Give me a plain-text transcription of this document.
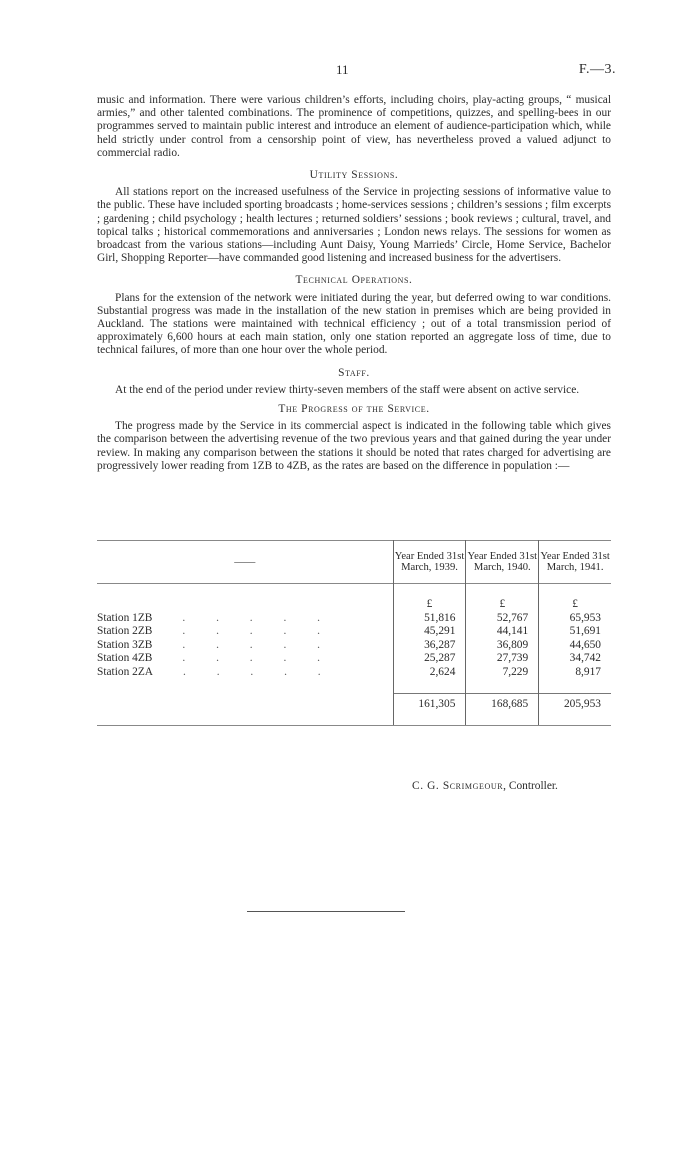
11	F.—3.

music and information. There were various children’s efforts, including choirs, play-acting groups, “ musical armies,” and other talented combinations. The prominence of competitions, quizzes, and spelling-bees in our programmes served to maintain public interest and introduce an element of audience-participation which, while held strictly under control from a censorship point of view, has nevertheless proved a valued adjunct to commercial radio.

Utility Sessions.

All stations report on the increased usefulness of the Service in projecting sessions of informative value to the public. These have included sporting broadcasts ; home-services sessions ; children’s sessions ; film excerpts ; gardening ; child psychology ; health lectures ; returned soldiers’ sessions ; book reviews ; cultural, travel, and topical talks ; historical commemorations and anniversaries ; London news relays. The sessions for women as broadcast from the various stations—including Aunt Daisy, Young Marrieds’ Circle, Home Service, Bachelor Girl, Shopping Reporter—have commanded good listening and increased business for the advertisers.

Technical Operations.

Plans for the extension of the network were initiated during the year, but deferred owing to war conditions. Substantial progress was made in the installation of the new station in premises which are being provided in Auckland. The stations were maintained with technical efficiency ; out of a total transmission period of approximately 6,600 hours at each main station, only one station reported an aggregate loss of time, due to technical failures, of more than one hour over the whole period.

Staff.

At the end of the period under review thirty-seven members of the staff were absent on active service.

The Progress of the Service.

The progress made by the Service in its commercial aspect is indicated in the following table which gives the comparison between the advertising revenue of the two previous years and that gained during the year under review. In making any comparison between the stations it should be noted that rates charged for advertising are progressively lower reading from 1ZB to 4ZB, as the rates are based on the difference in population :—

——	Year Ended 31st March, 1939.	Year Ended 31st March, 1940.	Year Ended 31st March, 1941.
	£	£	£
Station 1ZB . . . . .	51,816	52,767	65,953
Station 2ZB . . . . .	45,291	44,141	51,691
Station 3ZB . . . . .	36,287	36,809	44,650
Station 4ZB . . . . .	25,287	27,739	34,742
Station 2ZA . . . . .	2,624	7,229	8,917

	161,305	168,685	205,953
C. G. Scrimgeour, Controller.
